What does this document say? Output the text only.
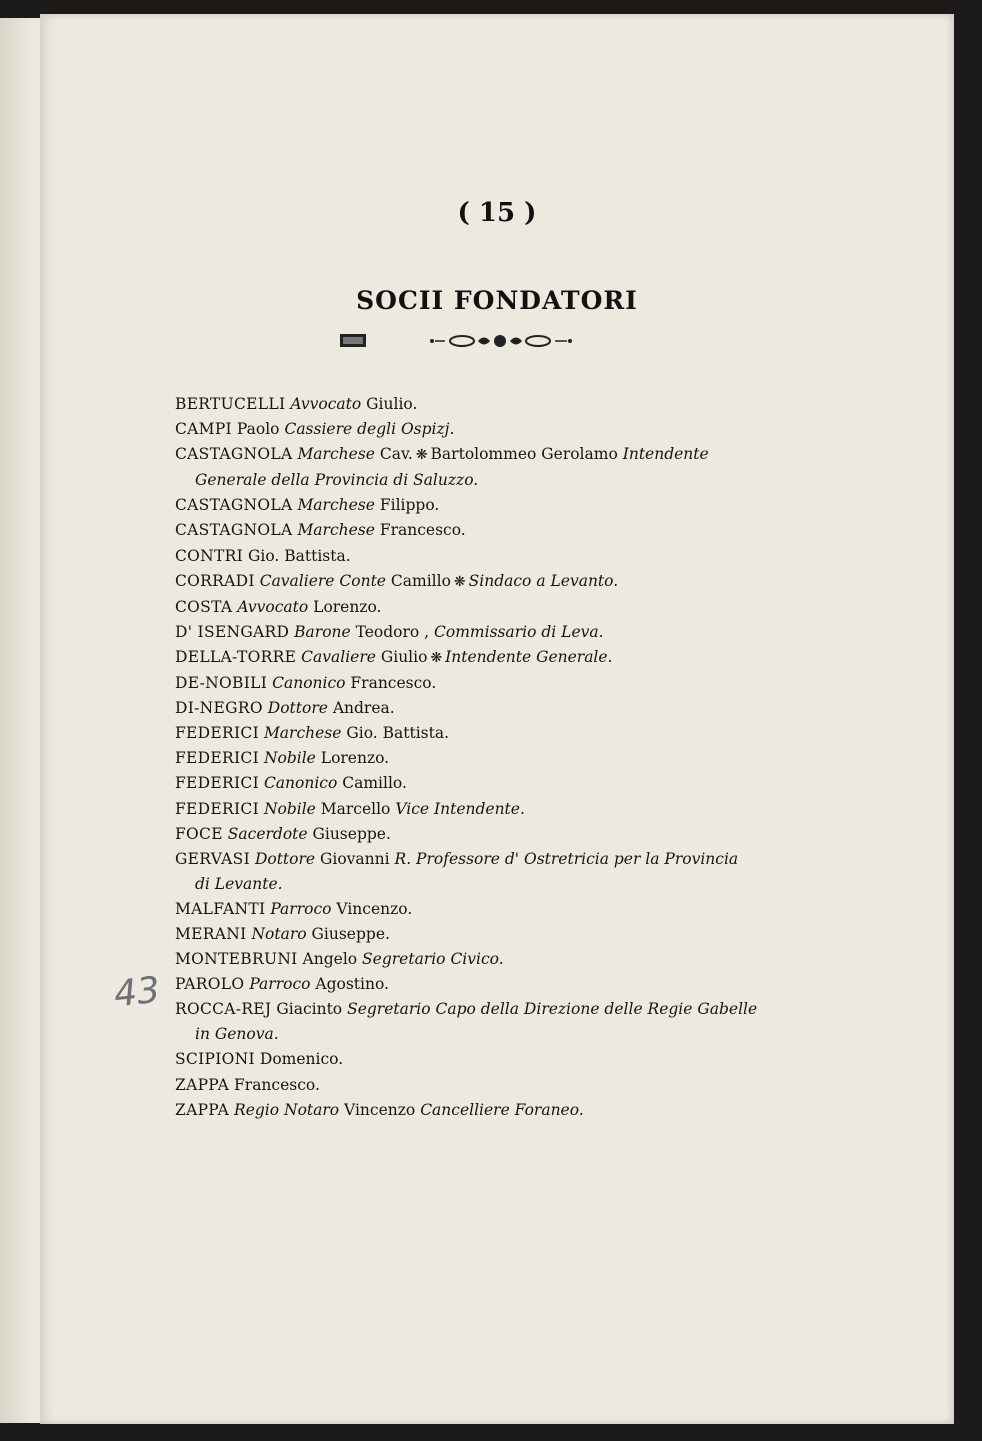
( 15 )
SOCII FONDATORI
BERTUCELLI Avvocato Giulio.
CAMPI Paolo Cassiere degli Ospizj.
CASTAGNOLA Marchese Cav. ❋ Bartolommeo Gerolamo Intendente
Generale della Provincia di Saluzzo.
CASTAGNOLA Marchese Filippo.
CASTAGNOLA Marchese Francesco.
CONTRI Gio. Battista.
CORRADI Cavaliere Conte Camillo ❋ Sindaco a Levanto.
COSTA Avvocato Lorenzo.
D' ISENGARD Barone Teodoro , Commissario di Leva.
DELLA-TORRE Cavaliere Giulio ❋ Intendente Generale.
DE-NOBILI Canonico Francesco.
DI-NEGRO Dottore Andrea.
FEDERICI Marchese Gio. Battista.
FEDERICI Nobile Lorenzo.
FEDERICI Canonico Camillo.
FEDERICI Nobile Marcello Vice Intendente.
FOCE Sacerdote Giuseppe.
GERVASI Dottore Giovanni R. Professore d' Ostretricia per la Provincia
di Levante.
MALFANTI Parroco Vincenzo.
MERANI Notaro Giuseppe.
MONTEBRUNI Angelo Segretario Civico.
PAROLO Parroco Agostino.
ROCCA-REJ Giacinto Segretario Capo della Direzione delle Regie Gabelle
in Genova.
SCIPIONI Domenico.
ZAPPA Francesco.
ZAPPA Regio Notaro Vincenzo Cancelliere Foraneo.
43
